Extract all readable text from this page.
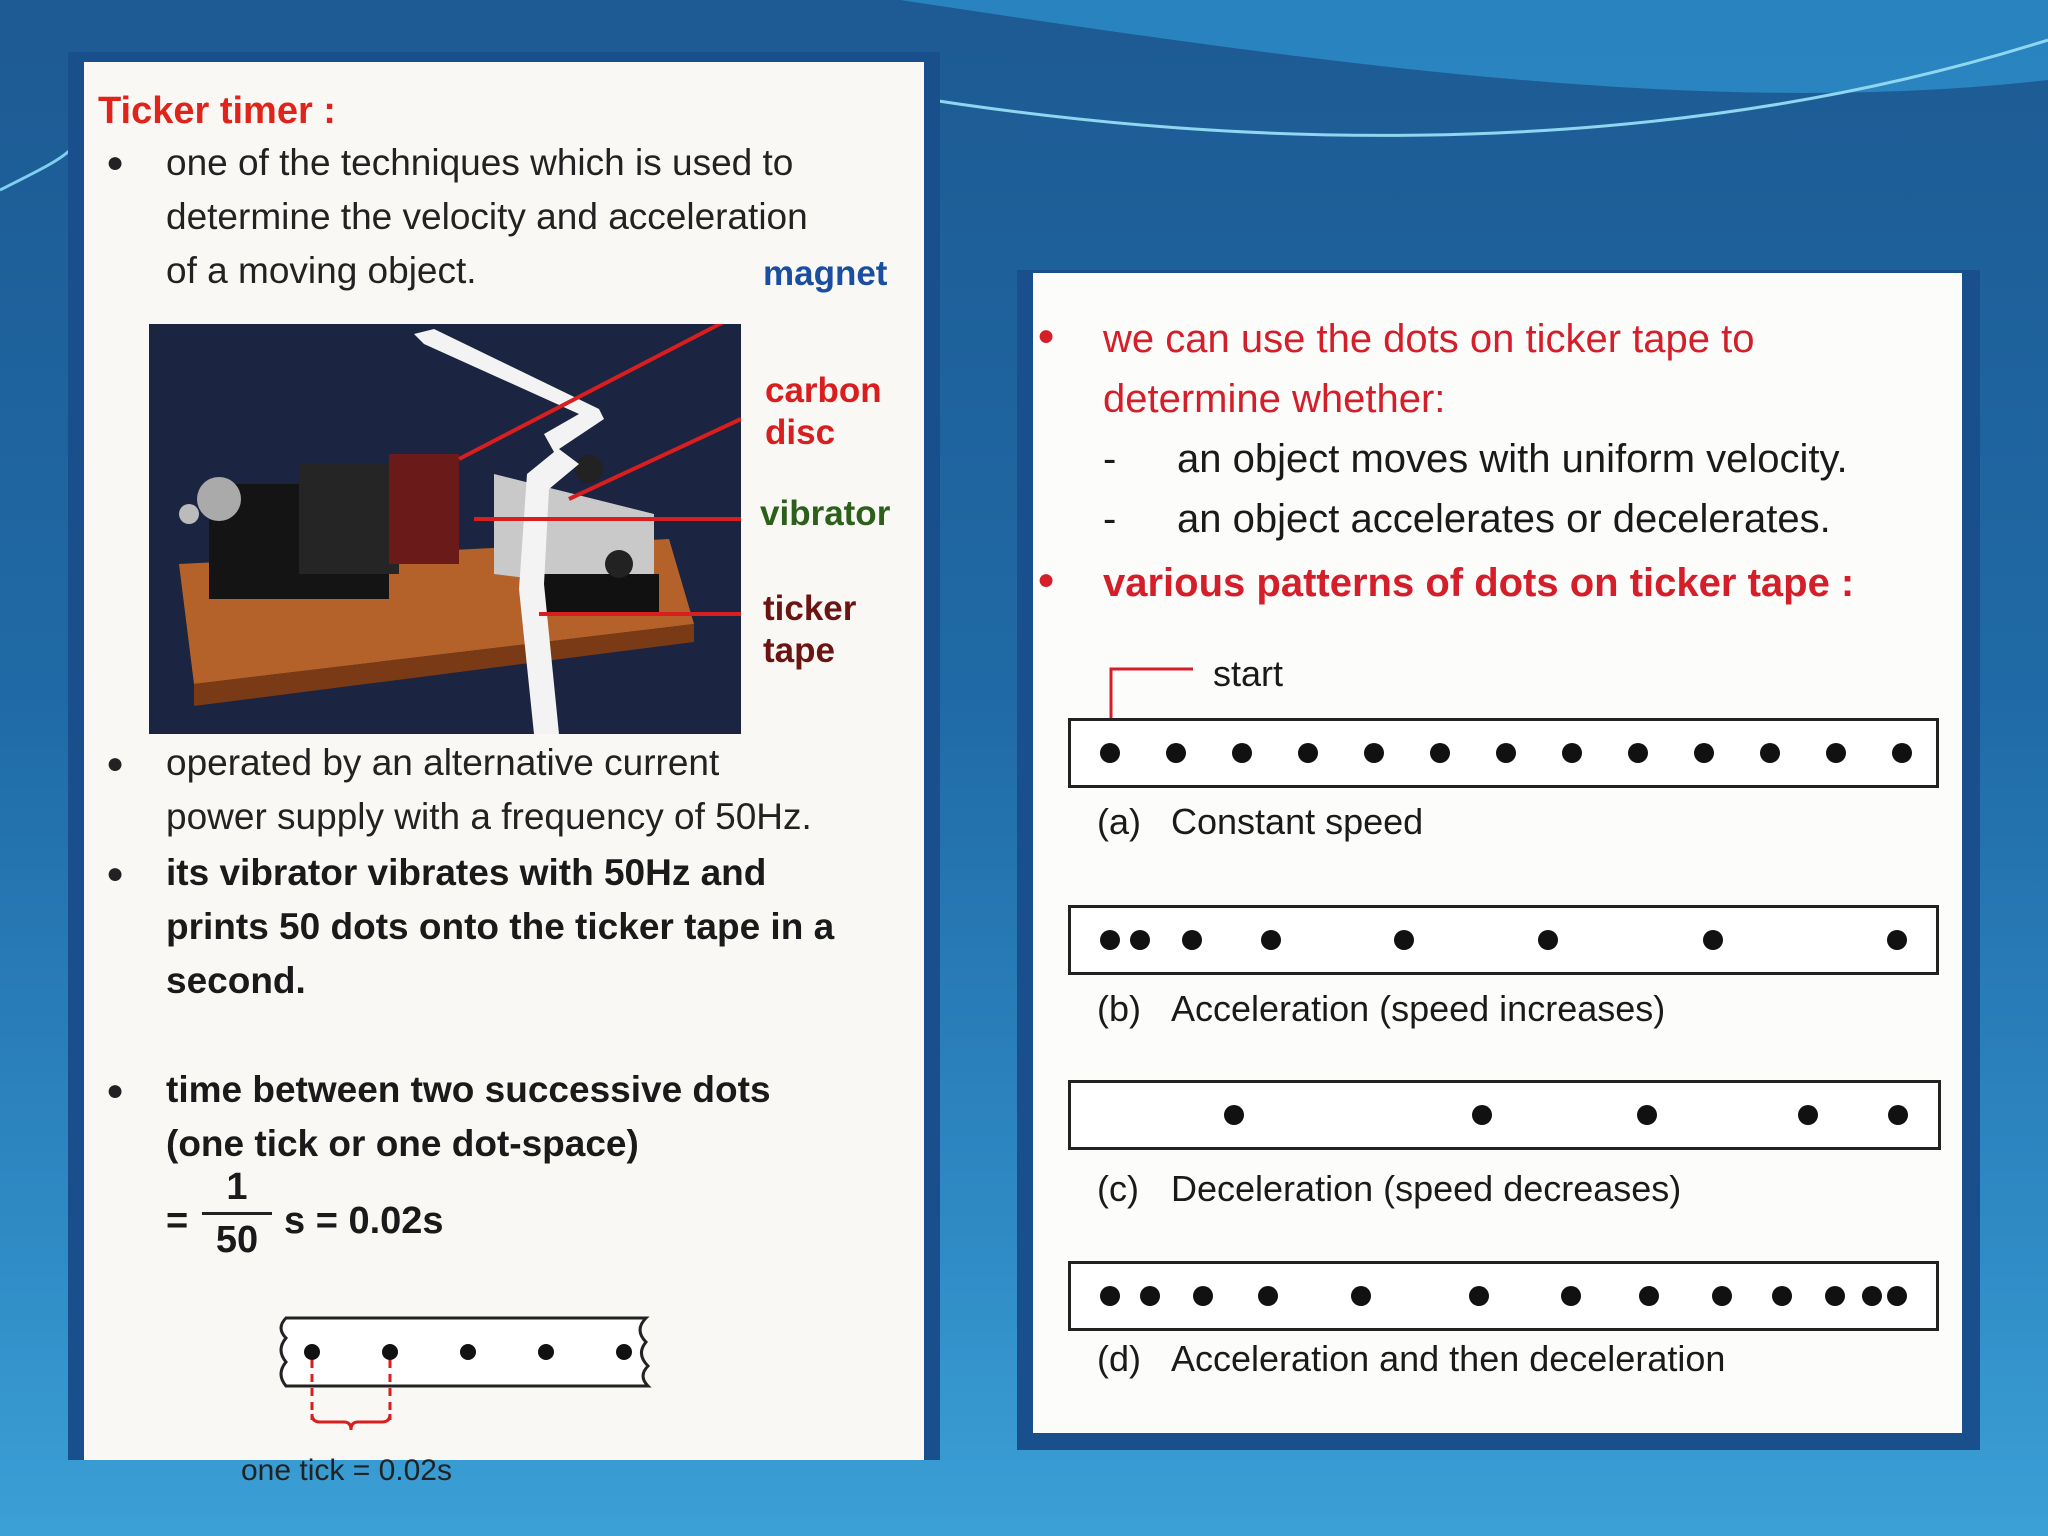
Ticker timer :
● one of the techniques which is used to
determine the velocity and acceleration
of a moving object.	magnet
carbon
disc
vibrator
ticker
tape
● operated by an alternative current
power supply with a frequency of 50Hz.
● its vibrator vibrates with 50Hz and
prints 50 dots onto the ticker tape in a
second.
● time between two successive dots
(one tick or one dot-space)
=
1
50 s = 0.02s
one tick = 0.02s
● we can use the dots on ticker tape to
determine whether:
- an object moves with uniform velocity.
- an object accelerates or decelerates.
● various patterns of dots on ticker tape :
start
(a) Constant speed
(b) Acceleration (speed increases)
(c) Deceleration (speed decreases)
(d) Acceleration and then deceleration
